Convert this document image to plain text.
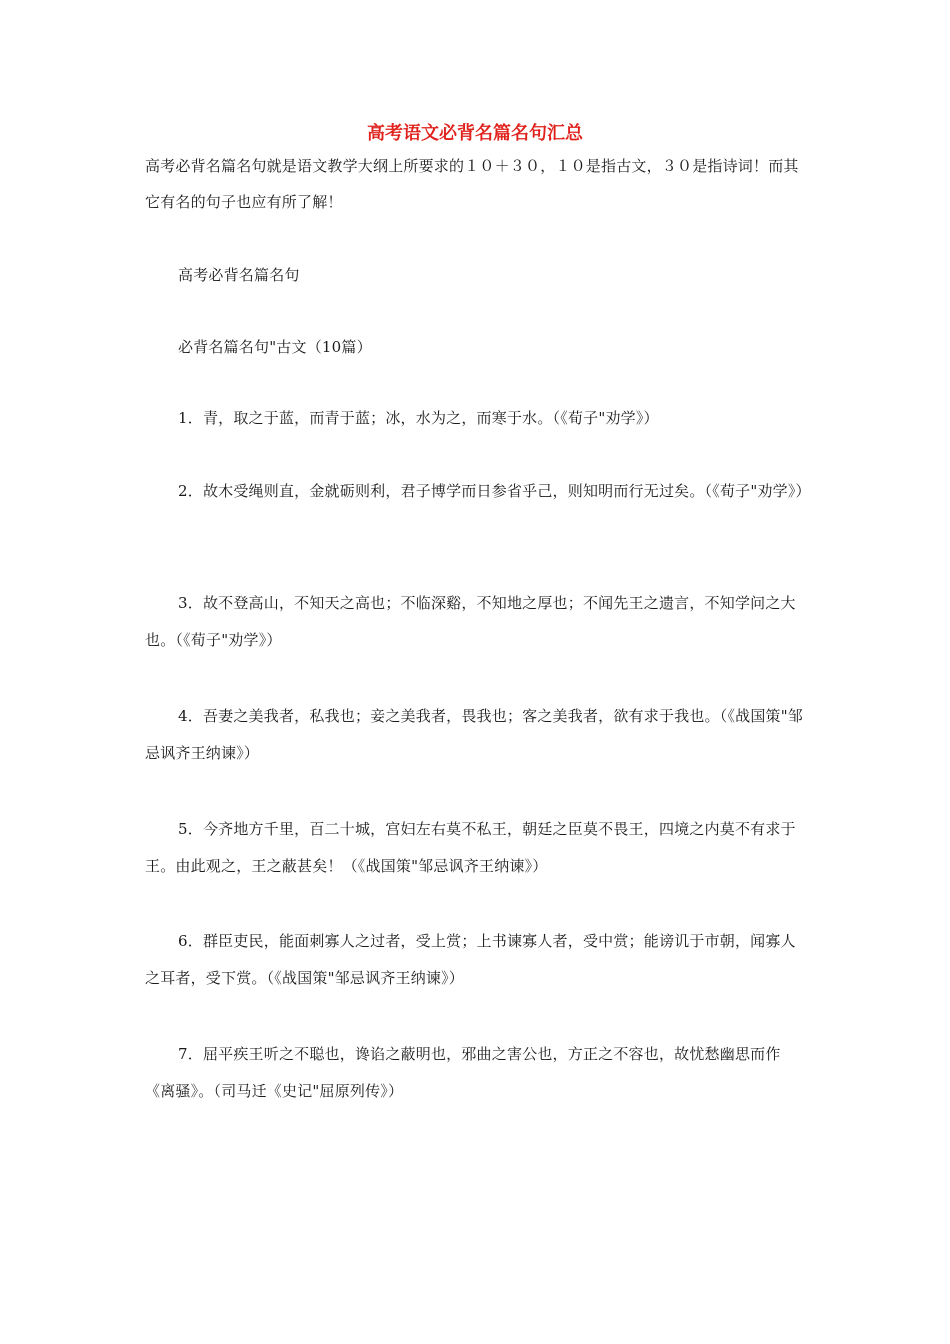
高考语文必背名篇名句汇总

高考必背名篇名句就是语文教学大纲上所要求的１０＋３０，１０是指古文，３０是指诗词！而其它有名的句子也应有所了解！

高考必背名篇名句

必背名篇名句"古文（10篇）

1．青，取之于蓝，而青于蓝；冰，水为之，而寒于水。（《荀子"劝学》）

2．故木受绳则直，金就砺则利，君子博学而日参省乎己，则知明而行无过矣。（《荀子"劝学》）

3．故不登高山，不知天之高也；不临深谿，不知地之厚也；不闻先王之遗言，不知学问之大也。（《荀子"劝学》）

4．吾妻之美我者，私我也；妾之美我者，畏我也；客之美我者，欲有求于我也。（《战国策"邹忌讽齐王纳谏》）

5．今齐地方千里，百二十城，宫妇左右莫不私王，朝廷之臣莫不畏王，四境之内莫不有求于王。由此观之，王之蔽甚矣！（《战国策"邹忌讽齐王纳谏》）

6．群臣吏民，能面刺寡人之过者，受上赏；上书谏寡人者，受中赏；能谤讥于市朝，闻寡人之耳者，受下赏。（《战国策"邹忌讽齐王纳谏》）

7．屈平疾王听之不聪也，谗谄之蔽明也，邪曲之害公也，方正之不容也，故忧愁幽思而作《离骚》。（司马迁《史记"屈原列传》）
